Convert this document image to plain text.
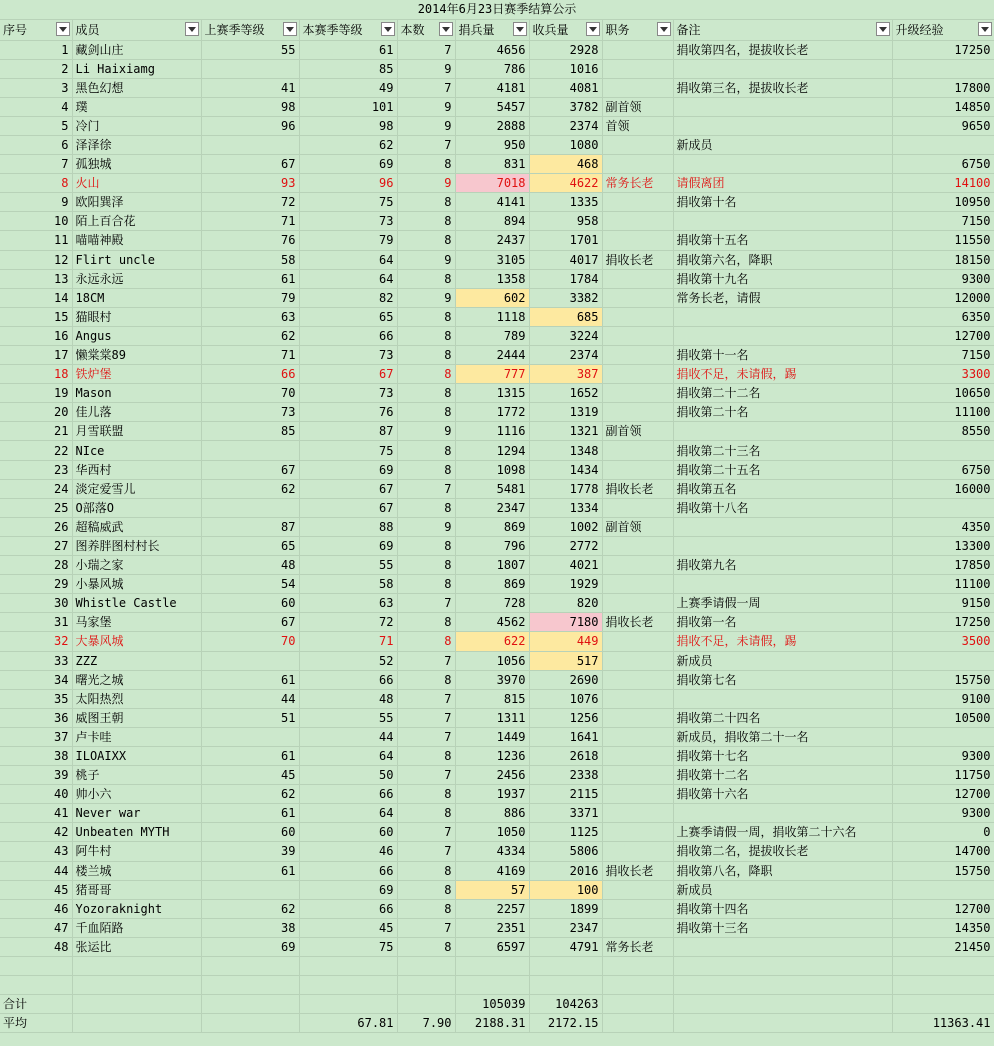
2014年6月23日赛季结算公示
序号	成员	上赛季等级	本赛季等级	本数	捐兵量	收兵量	职务	备注	升级经验

1	藏剑山庄	55	61	7	4656	2928		捐收第四名，提拔收长老	17250
2	Li Haixiamg		85	9	786	1016			
3	黑色幻想	41	49	7	4181	4081		捐收第三名，提拔收长老	17800
4	璞	98	101	9	5457	3782	副首领		14850
5	冷门	96	98	9	2888	2374	首领		9650
6	泽泽徐		62	7	950	1080		新成员	
7	孤独城	67	69	8	831	468			6750
8	火山	93	96	9	7018	4622	常务长老	请假离团	14100
9	欧阳巽泽	72	75	8	4141	1335		捐收第十名	10950
10	陌上百合花	71	73	8	894	958			7150
11	喵喵神殿	76	79	8	2437	1701		捐收第十五名	11550
12	Flirt uncle	58	64	9	3105	4017	捐收长老	捐收第六名，降职	18150
13	永远永远	61	64	8	1358	1784		捐收第十九名	9300
14	18CM	79	82	9	602	3382		常务长老，请假	12000
15	猫眼村	63	65	8	1118	685			6350
16	Angus	62	66	8	789	3224			12700
17	懒棠棠89	71	73	8	2444	2374		捐收第十一名	7150
18	铁炉堡	66	67	8	777	387		捐收不足，未请假，踢	3300
19	Mason	70	73	8	1315	1652		捐收第二十二名	10650
20	佳儿落	73	76	8	1772	1319		捐收第二十名	11100
21	月雪联盟	85	87	9	1116	1321	副首领		8550
22	NIce		75	8	1294	1348		捐收第二十三名	
23	华西村	67	69	8	1098	1434		捐收第二十五名	6750
24	淡定爱雪儿	62	67	7	5481	1778	捐收长老	捐收第五名	16000
25	O部落O		67	8	2347	1334		捐收第十八名	
26	超稿威武	87	88	9	869	1002	副首领		4350
27	图养胖图村村长	65	69	8	796	2772			13300
28	小瑞之家	48	55	8	1807	4021		捐收第九名	17850
29	小暴风城	54	58	8	869	1929			11100
30	Whistle Castle	60	63	7	728	820		上赛季请假一周	9150
31	马家堡	67	72	8	4562	7180	捐收长老	捐收第一名	17250
32	大暴风城	70	71	8	622	449		捐收不足，未请假，踢	3500
33	ZZZ		52	7	1056	517		新成员	
34	曙光之城	61	66	8	3970	2690		捐收第七名	15750
35	太阳热烈	44	48	7	815	1076			9100
36	威图王朝	51	55	7	1311	1256		捐收第二十四名	10500
37	卢卡哇		44	7	1449	1641		新成员，捐收第二十一名	
38	ILOAIXX	61	64	8	1236	2618		捐收第十七名	9300
39	桃子	45	50	7	2456	2338		捐收第十二名	11750
40	帅小六	62	66	8	1937	2115		捐收第十六名	12700
41	Never war	61	64	8	886	3371			9300
42	Unbeaten MYTH	60	60	7	1050	1125		上赛季请假一周，捐收第二十六名	0
43	阿牛村	39	46	7	4334	5806		捐收第二名，提拔收长老	14700
44	楼兰城	61	66	8	4169	2016	捐收长老	捐收第八名，降职	15750
45	猪哥哥		69	8	57	100		新成员	
46	Yozoraknight	62	66	8	2257	1899		捐收第十四名	12700
47	千血陌路	38	45	7	2351	2347		捐收第十三名	14350
48	张运比	69	75	8	6597	4791	常务长老		21450

合计					105039	104263			
平均			67.81	7.90	2188.31	2172.15			11363.41
